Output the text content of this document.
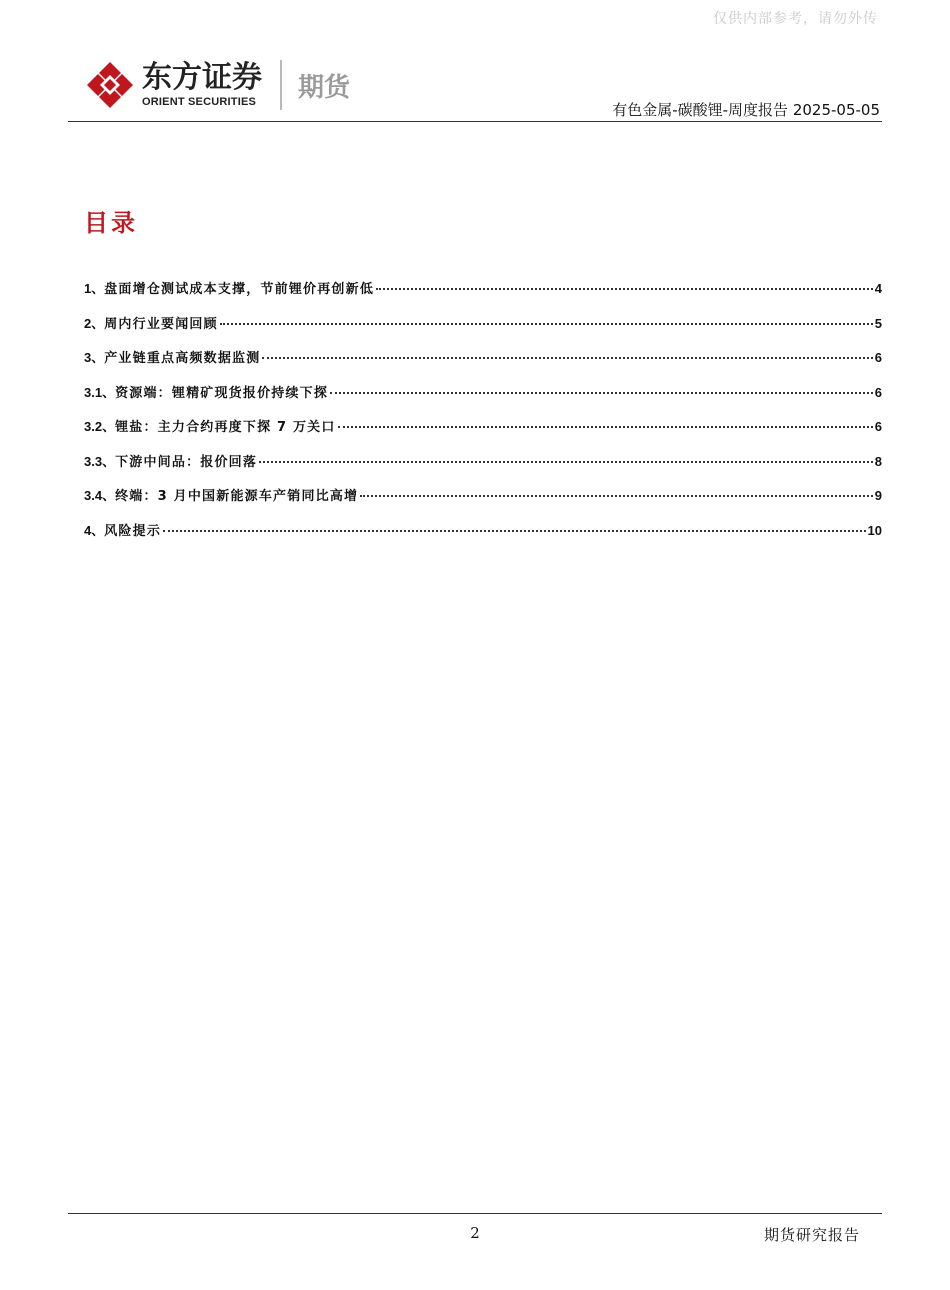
仅供内部参考，请勿外传
东方证券
ORIENT SECURITIES 期货
有色金属-碳酸锂-周度报告 2025-05-05
目录
1、 盘面增仓测试成本支撑，节前锂价再创新低	4
2、 周内行业要闻回顾	5
3、 产业链重点高频数据监测	6
3.1、 资源端：锂精矿现货报价持续下探	6
3.2、 锂盐：主力合约再度下探 7 万关口	6
3.3、 下游中间品：报价回落	8
3.4、 终端：3 月中国新能源车产销同比高增	9
4、 风险提示	10
2	期货研究报告
